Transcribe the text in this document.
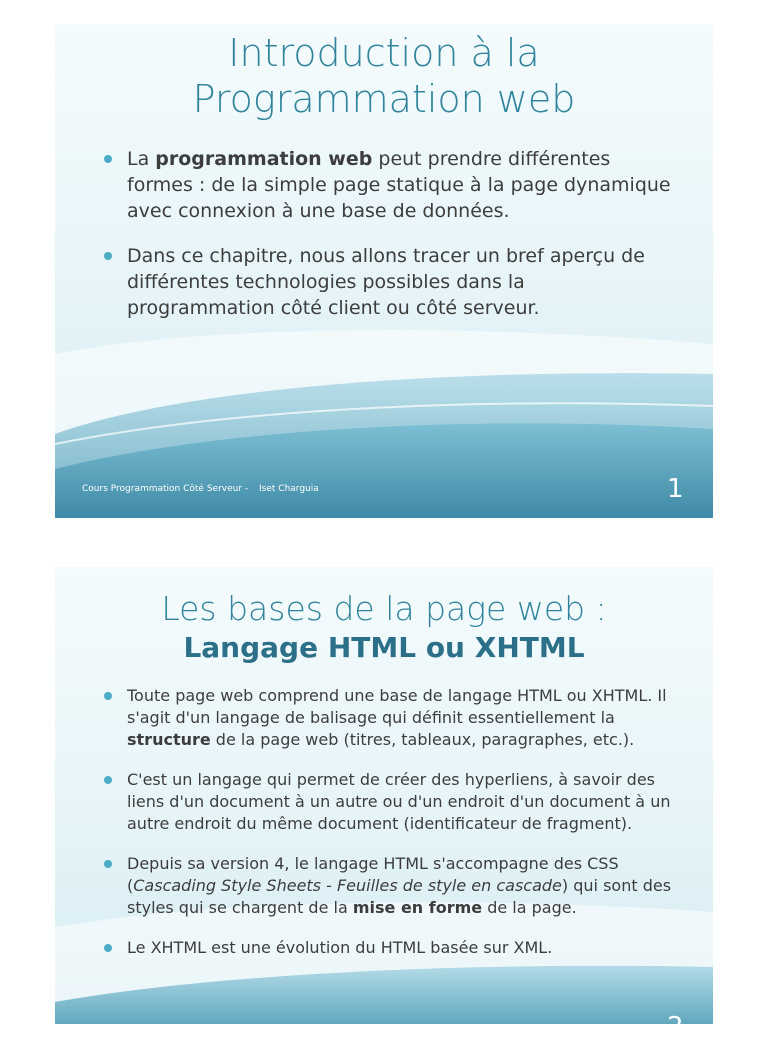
Introduction à la Programmation web
La programmation web peut prendre différentes formes : de la simple page statique à la page dynamique avec connexion à une base de données.
Dans ce chapitre, nous allons tracer un bref aperçu de différentes technologies possibles dans la programmation côté client ou côté serveur.
Cours Programmation Côté Serveur - Iset Charguia	1
Les bases de la page web :
Langage HTML ou XHTML
Toute page web comprend une base de langage HTML ou XHTML. Il s'agit d'un langage de balisage qui définit essentiellement la structure de la page web (titres, tableaux, paragraphes, etc.).
C'est un langage qui permet de créer des hyperliens, à savoir des liens d'un document à un autre ou d'un endroit d'un document à un autre endroit du même document (identificateur de fragment).
Depuis sa version 4, le langage HTML s'accompagne des CSS (Cascading Style Sheets - Feuilles de style en cascade) qui sont des styles qui se chargent de la mise en forme de la page.
Le XHTML est une évolution du HTML basée sur XML.
2
